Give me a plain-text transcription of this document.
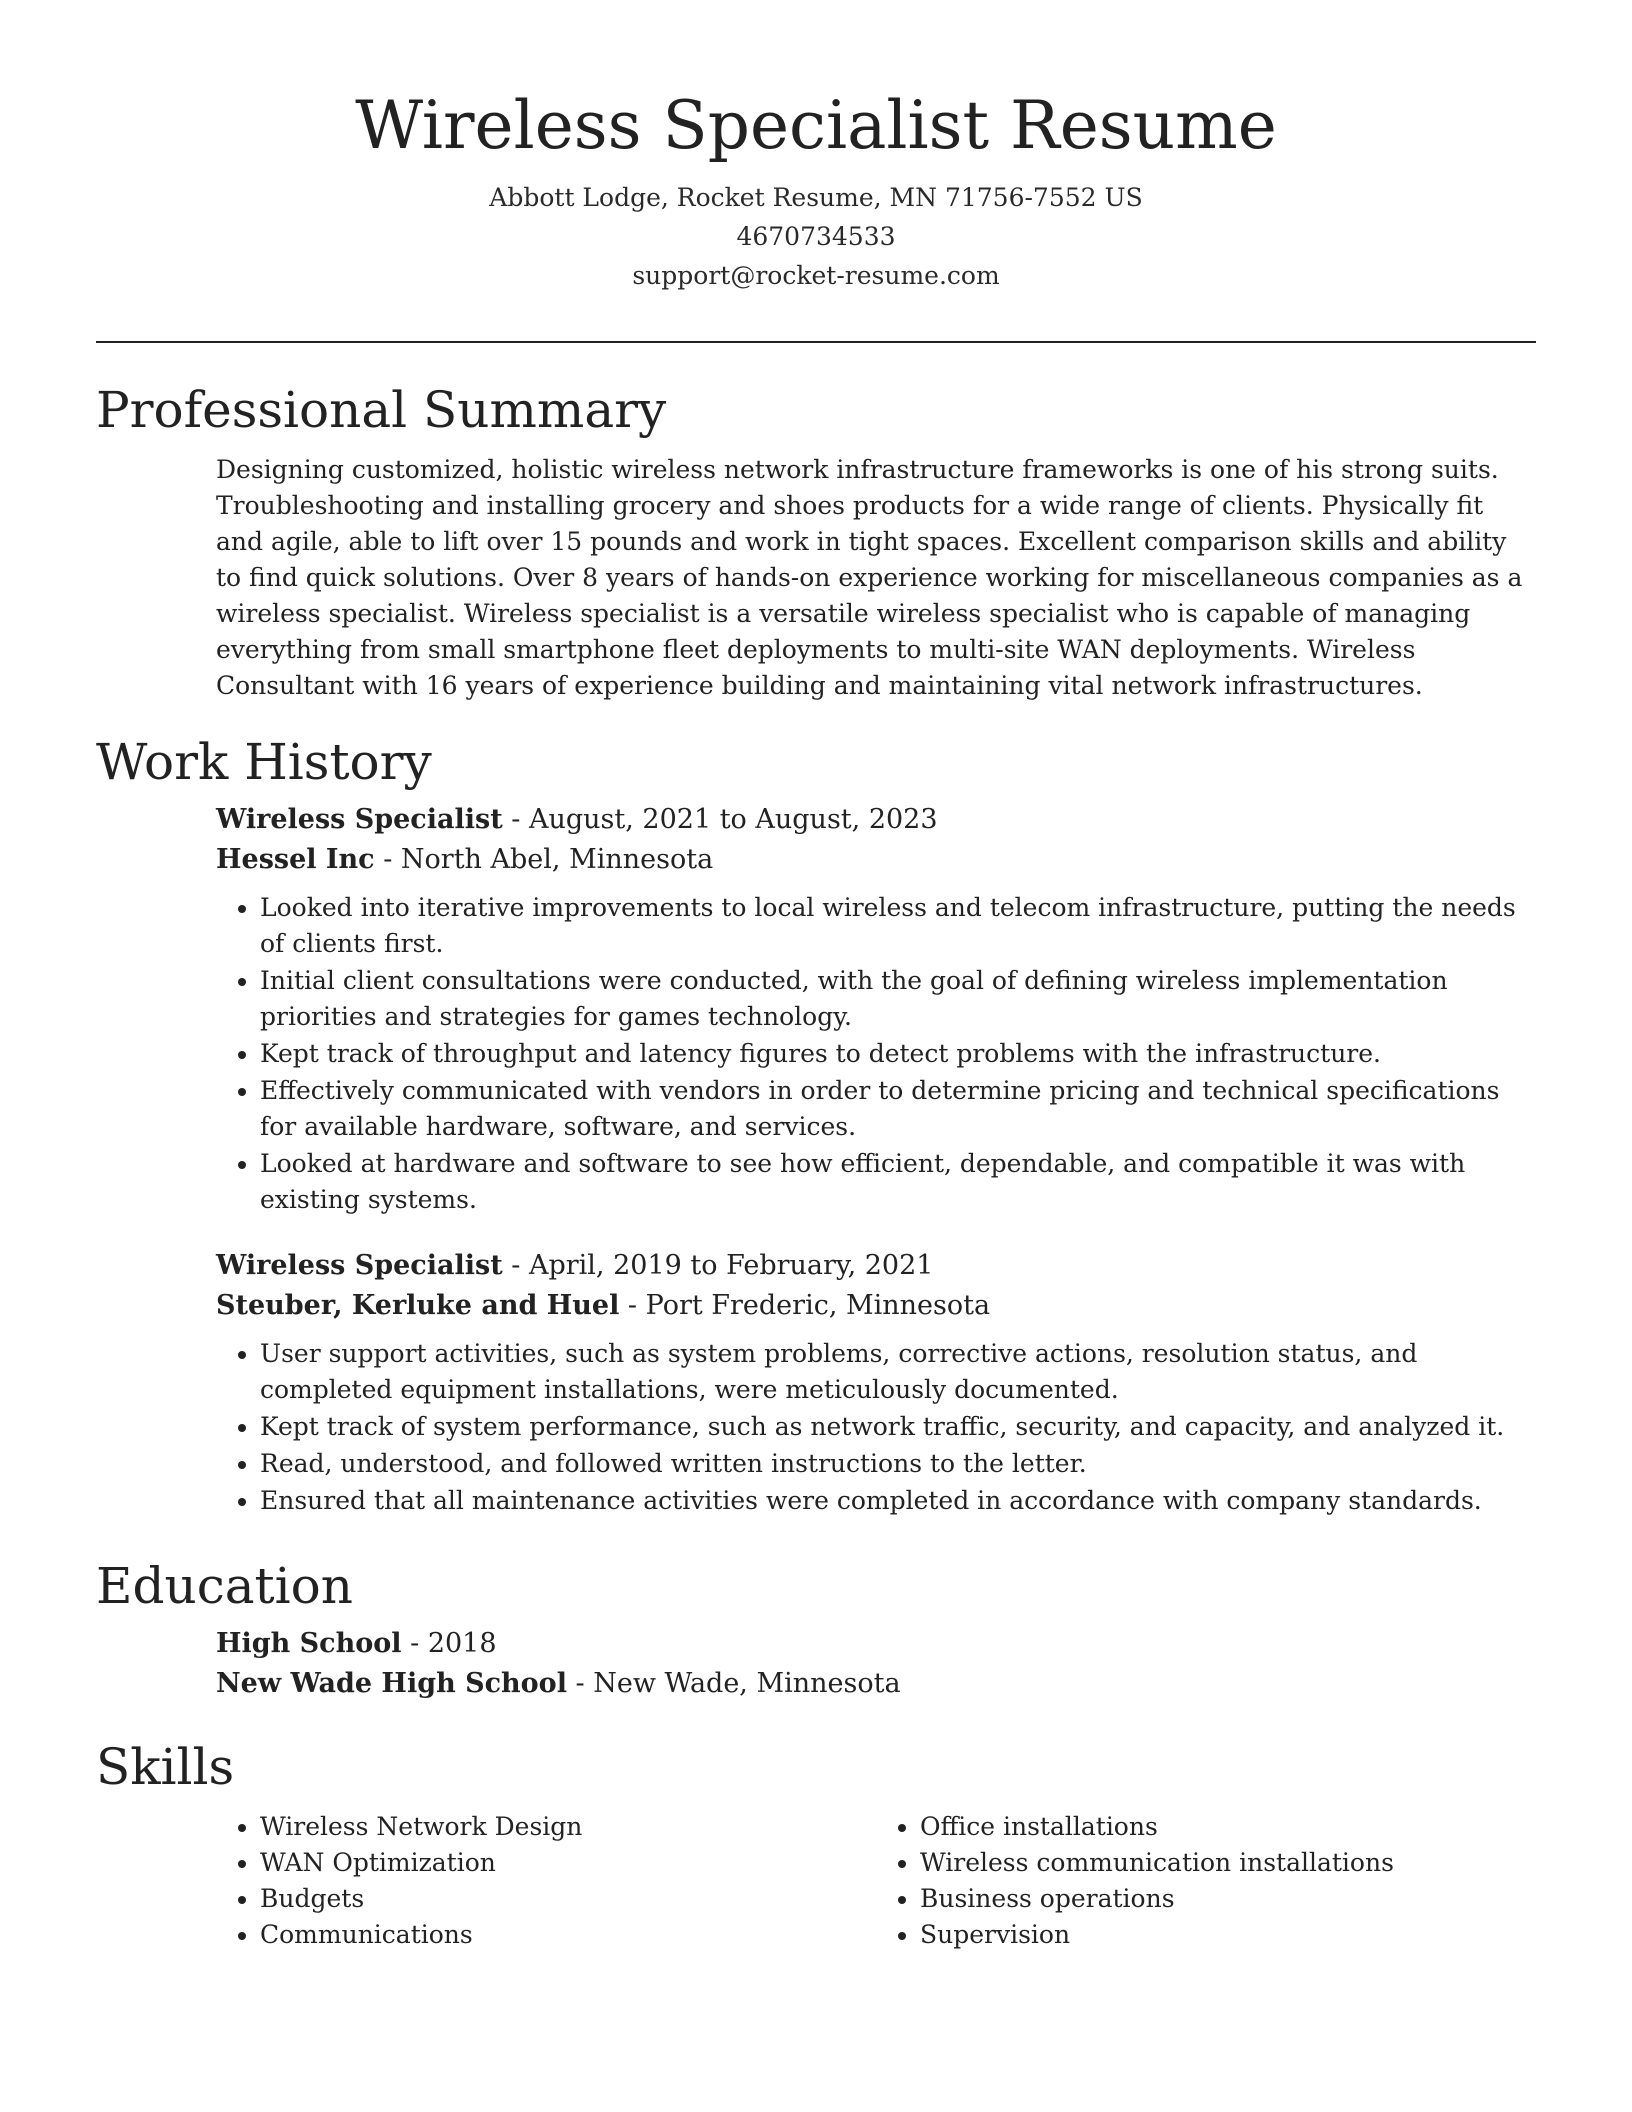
Wireless Specialist Resume
Abbott Lodge, Rocket Resume, MN 71756-7552 US
4670734533
support@rocket-resume.com
Professional Summary

Designing customized, holistic wireless network infrastructure frameworks is one of his strong suits. Troubleshooting and installing grocery and shoes products for a wide range of clients. Physically fit and agile, able to lift over 15 pounds and work in tight spaces. Excellent comparison skills and ability to find quick solutions. Over 8 years of hands-on experience working for miscellaneous companies as a wireless specialist. Wireless specialist is a versatile wireless specialist who is capable of managing everything from small smartphone fleet deployments to multi-site WAN deployments. Wireless Consultant with 16 years of experience building and maintaining vital network infrastructures.

Work History
Wireless Specialist - August, 2021 to August, 2023
Hessel Inc - North Abel, Minnesota
• Looked into iterative improvements to local wireless and telecom infrastructure, putting the needs of clients first.
• Initial client consultations were conducted, with the goal of defining wireless implementation priorities and strategies for games technology.
• Kept track of throughput and latency figures to detect problems with the infrastructure.
• Effectively communicated with vendors in order to determine pricing and technical specifications for available hardware, software, and services.
• Looked at hardware and software to see how efficient, dependable, and compatible it was with existing systems.
Wireless Specialist - April, 2019 to February, 2021
Steuber, Kerluke and Huel - Port Frederic, Minnesota
• User support activities, such as system problems, corrective actions, resolution status, and completed equipment installations, were meticulously documented.
• Kept track of system performance, such as network traffic, security, and capacity, and analyzed it.
• Read, understood, and followed written instructions to the letter.
• Ensured that all maintenance activities were completed in accordance with company standards.
Education
High School - 2018
New Wade High School - New Wade, Minnesota
Skills
• Wireless Network Design
• WAN Optimization
• Budgets
• Communications
• Office installations
• Wireless communication installations
• Business operations
• Supervision
